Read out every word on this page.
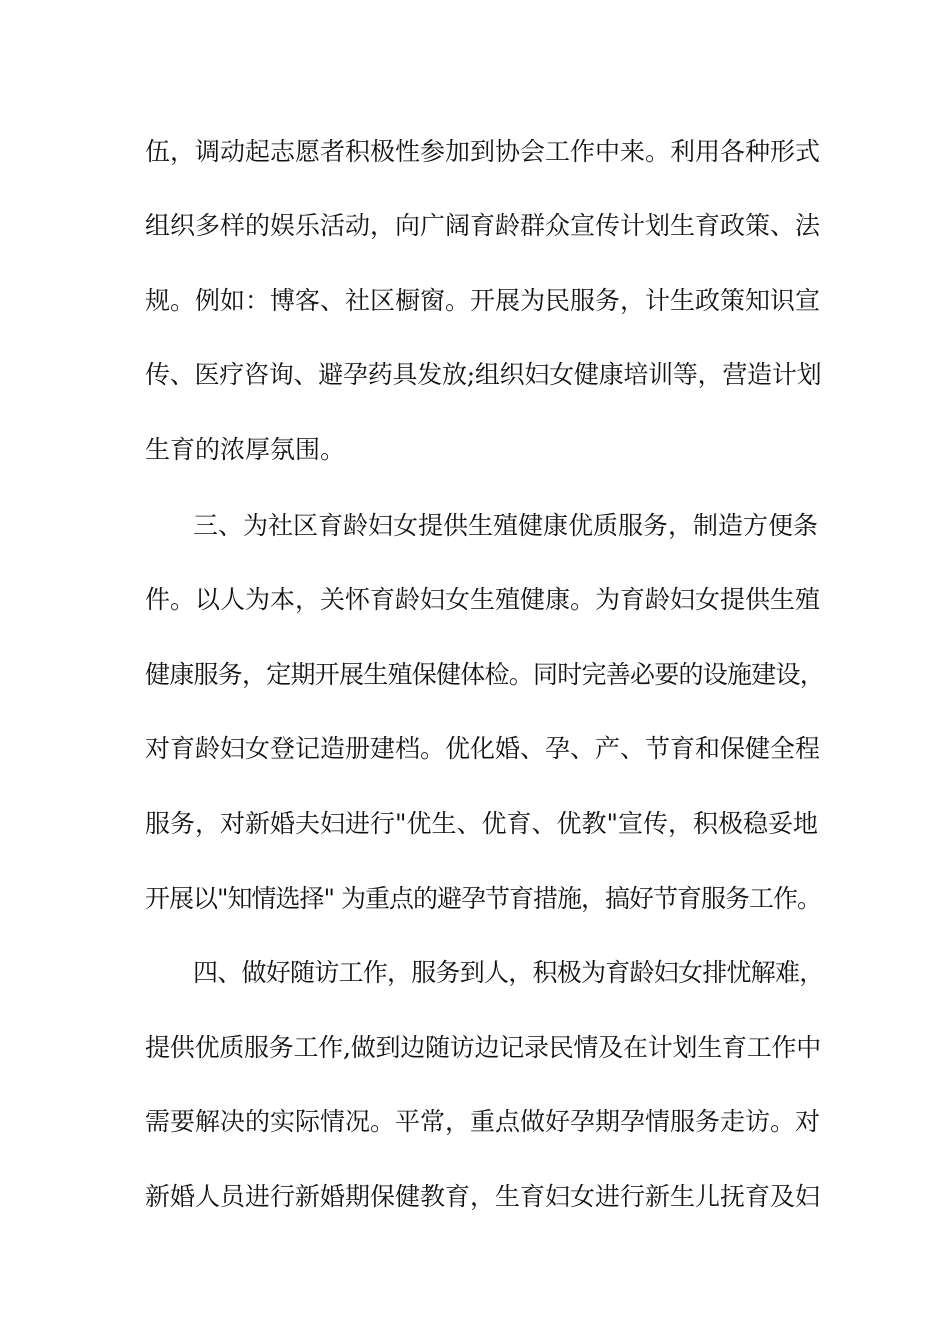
伍，调动起志愿者积极性参加到协会工作中来。利用各种形式

组织多样的娱乐活动，向广阔育龄群众宣传计划生育政策、法

规。例如：博客、社区橱窗。开展为民服务，计生政策知识宣

传、医疗咨询、避孕药具发放;组织妇女健康培训等，营造计划

生育的浓厚氛围。

三、为社区育龄妇女提供生殖健康优质服务，制造方便条

件。以人为本，关怀育龄妇女生殖健康。为育龄妇女提供生殖

健康服务，定期开展生殖保健体检。同时完善必要的设施建设，

对育龄妇女登记造册建档。优化婚、孕、产、节育和保健全程

服务，对新婚夫妇进行"优生、优育、优教"宣传，积极稳妥地

开展以"知情选择" 为重点的避孕节育措施，搞好节育服务工作。

四、做好随访工作，服务到人，积极为育龄妇女排忧解难，

提供优质服务工作,做到边随访边记录民情及在计划生育工作中

需要解决的实际情况。平常，重点做好孕期孕情服务走访。对

新婚人员进行新婚期保健教育，生育妇女进行新生儿抚育及妇
